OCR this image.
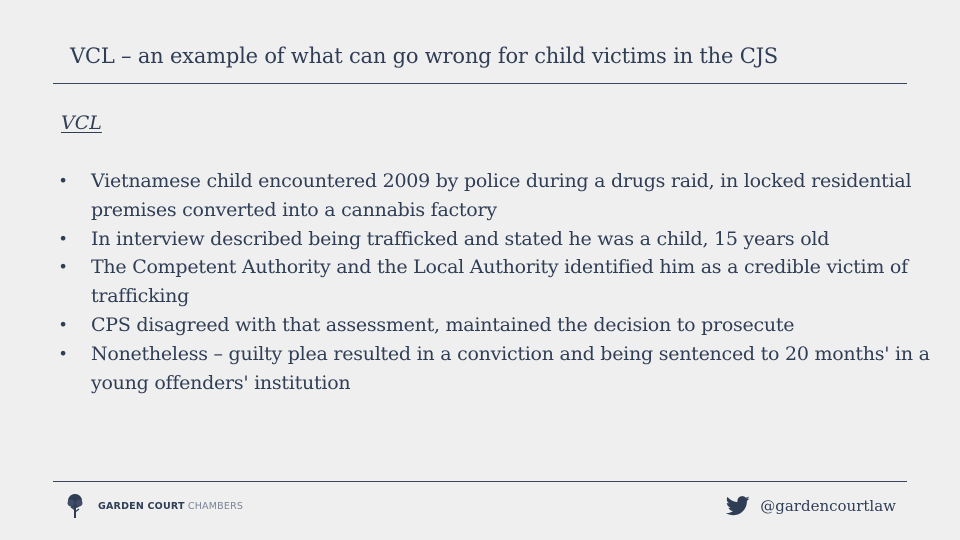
VCL – an example of what can go wrong for child victims in the CJS
VCL
• Vietnamese child encountered 2009 by police during a drugs raid, in locked residential premises converted into a cannabis factory
• In interview described being trafficked and stated he was a child, 15 years old
• The Competent Authority and the Local Authority identified him as a credible victim of trafficking
• CPS disagreed with that assessment, maintained the decision to prosecute
• Nonetheless – guilty plea resulted in a conviction and being sentenced to 20 months' in a young offenders' institution
GARDEN COURT CHAMBERS	@gardencourtlaw
